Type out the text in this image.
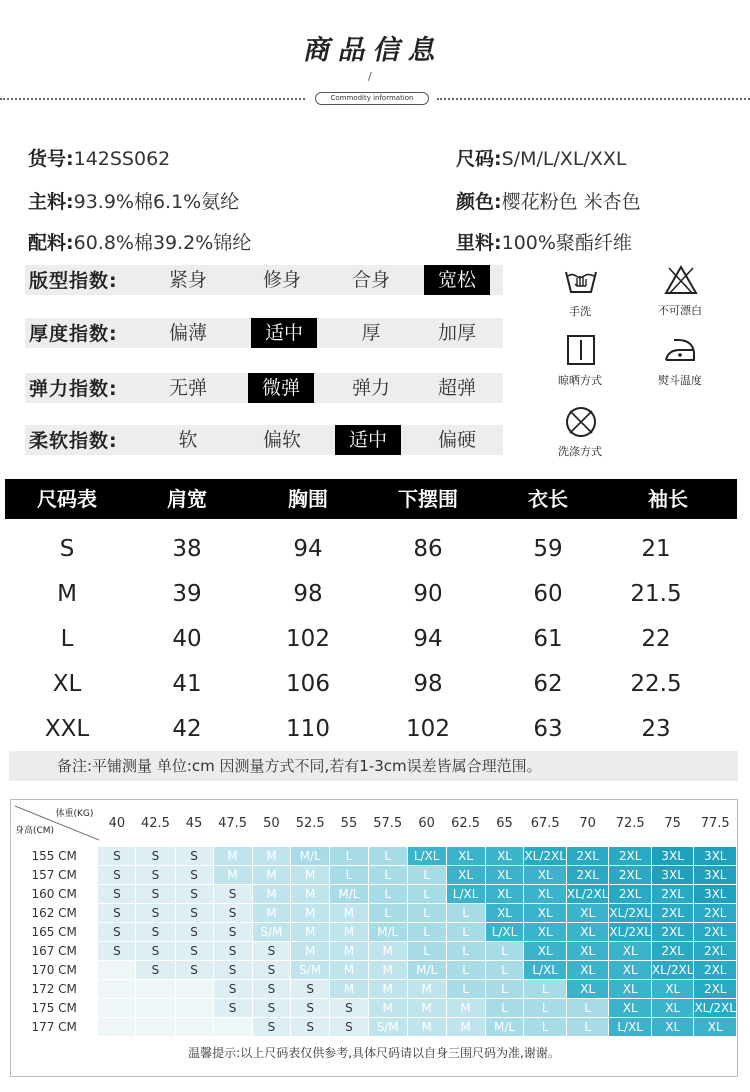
商品信息
/
Commodity information
货号:142SS062	尺码:S/M/L/XL/XXL
主料:93.9%棉6.1%氨纶	颜色:樱花粉色 米杏色
配料:60.8%棉39.2%锦纶	里料:100%聚酯纤维
版型指数:	紧身	修身	合身	宽松
厚度指数:	偏薄	适中	厚	加厚
弹力指数:	无弹	微弹	弹力	超弹
柔软指数:	软	偏软	适中	偏硬
手洗	不可漂白
晾晒方式	熨斗温度
洗涤方式
尺码表	肩宽	胸围	下摆围	衣长	袖长
S	38	94	86	59	21
M	39	98	90	60	21.5
L	40	102	94	61	22
XL	41	106	98	62	22.5
XXL	42	110	102	63	23
备注:平铺测量 单位:cm 因测量方式不同,若有1-3cm误差皆属合理范围。
体重(KG)
身高(CM)	40	42.5	45	47.5	50	52.5	55	57.5	60	62.5	65	67.5	70	72.5	75	77.5
155 CM	S	S	S	M	M	M/L	L	L	L/XL	XL	XL	XL/2XL	2XL	2XL	3XL	3XL
157 CM	S	S	S	M	M	M	L	L	L	XL	XL	XL	2XL	2XL	3XL	3XL
160 CM	S	S	S	S	M	M	M/L	L	L	L/XL	XL	XL	XL/2XL	2XL	2XL	3XL
162 CM	S	S	S	S	M	M	M	L	L	L	XL	XL	XL	XL/2XL	2XL	2XL
165 CM	S	S	S	S	S/M	M	M	M/L	L	L	L/XL	XL	XL	XL/2XL	2XL	2XL
167 CM	S	S	S	S	S	M	M	M	L	L	L	XL	XL	XL	2XL	2XL
170 CM		S	S	S	S	S/M	M	M	M/L	L	L	L/XL	XL	XL	XL/2XL	2XL
172 CM				S	S	S	M	M	M	L	L	L	XL	XL	XL	2XL
175 CM				S	S	S	S	M	M	M	L	L	L	XL	XL	XL/2XL
177 CM					S	S	S	S/M	M	M	M/L	L	L	L/XL	XL	XL
温馨提示:以上尺码表仅供参考,具体尺码请以自身三围尺码为准,谢谢。
